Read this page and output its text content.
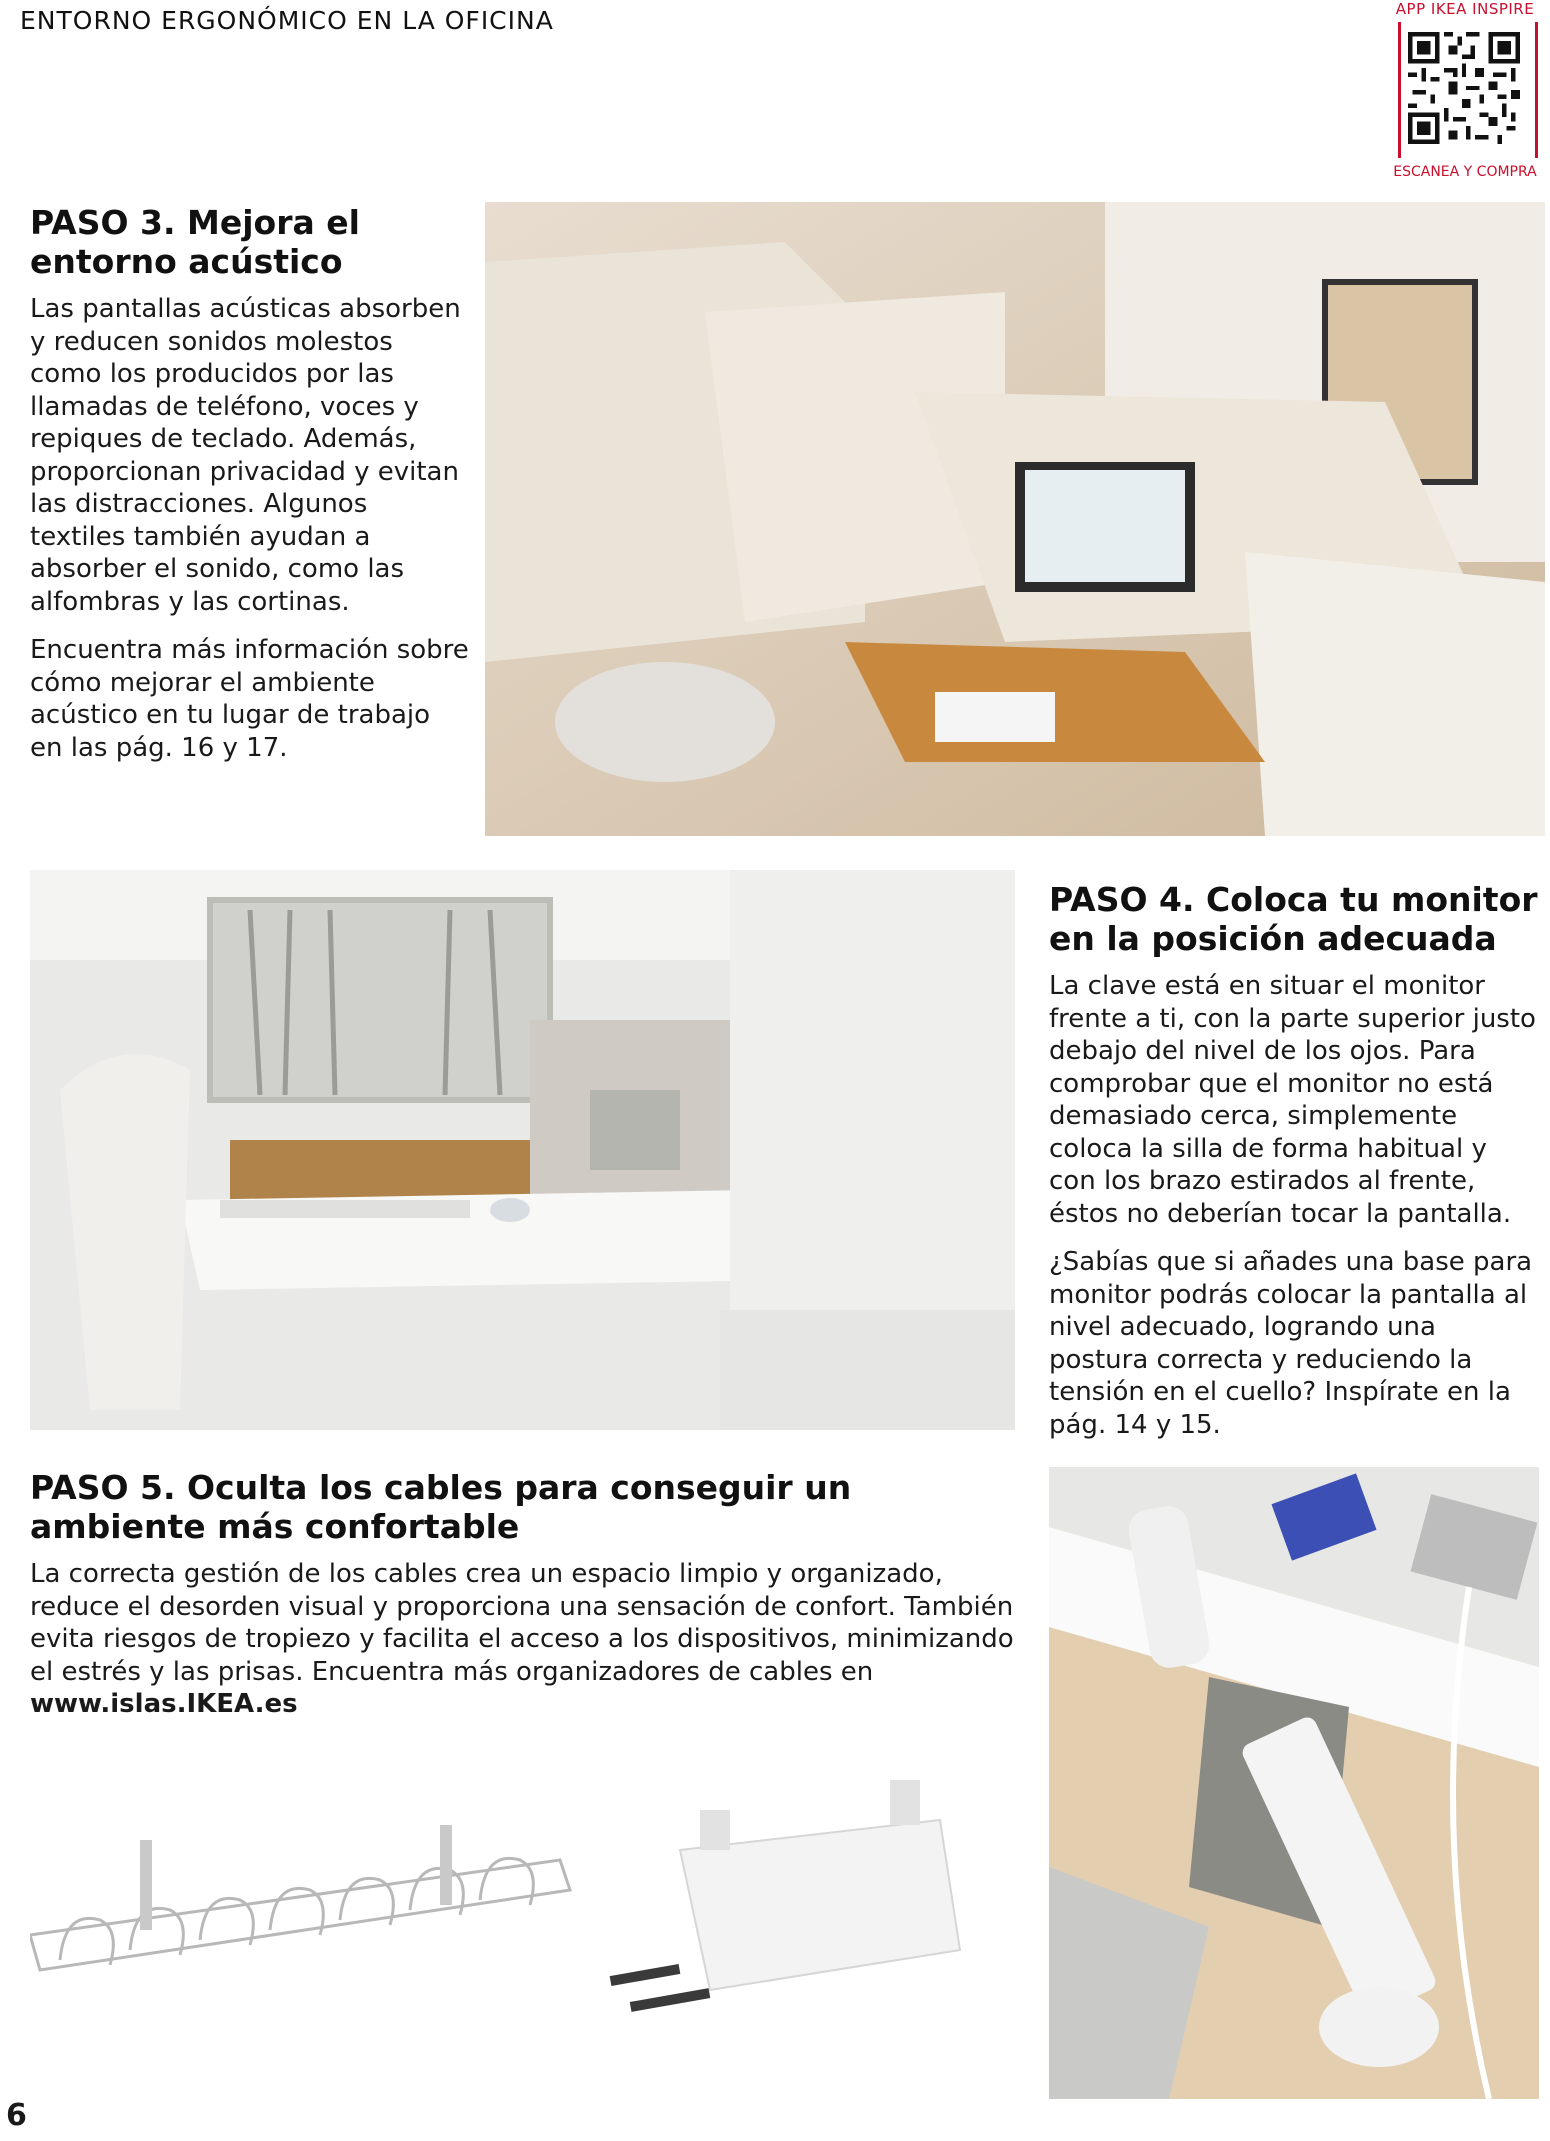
ENTORNO ERGONÓMICO EN LA OFICINA	APP IKEA INSPIRE
ESCANEA Y COMPRA
PASO 3. Mejora el entorno acústico

Las pantallas acústicas absorben y reducen sonidos molestos como los producidos por las llamadas de teléfono, voces y repiques de teclado. Además, proporcionan privacidad y evitan las distracciones. Algunos textiles también ayudan a absorber el sonido, como las alfombras y las cortinas.

Encuentra más información sobre cómo mejorar el ambiente acústico en tu lugar de trabajo en las pág. 16 y 17.

PASO 4. Coloca tu monitor en la posición adecuada

La clave está en situar el monitor frente a ti, con la parte superior justo debajo del nivel de los ojos. Para comprobar que el monitor no está demasiado cerca, simplemente coloca la silla de forma habitual y con los brazo estirados al frente, éstos no deberían tocar la pantalla.

¿Sabías que si añades una base para monitor podrás colocar la pantalla al nivel adecuado, logrando una postura correcta y reduciendo la tensión en el cuello? Inspírate en la pág. 14 y 15.

PASO 5. Oculta los cables para conseguir un ambiente más confortable

La correcta gestión de los cables crea un espacio limpio y organizado, reduce el desorden visual y proporciona una sensación de confort. También evita riesgos de tropiezo y facilita el acceso a los dispositivos, minimizando el estrés y las prisas. Encuentra más organizadores de cables en www.islas.IKEA.es

6
